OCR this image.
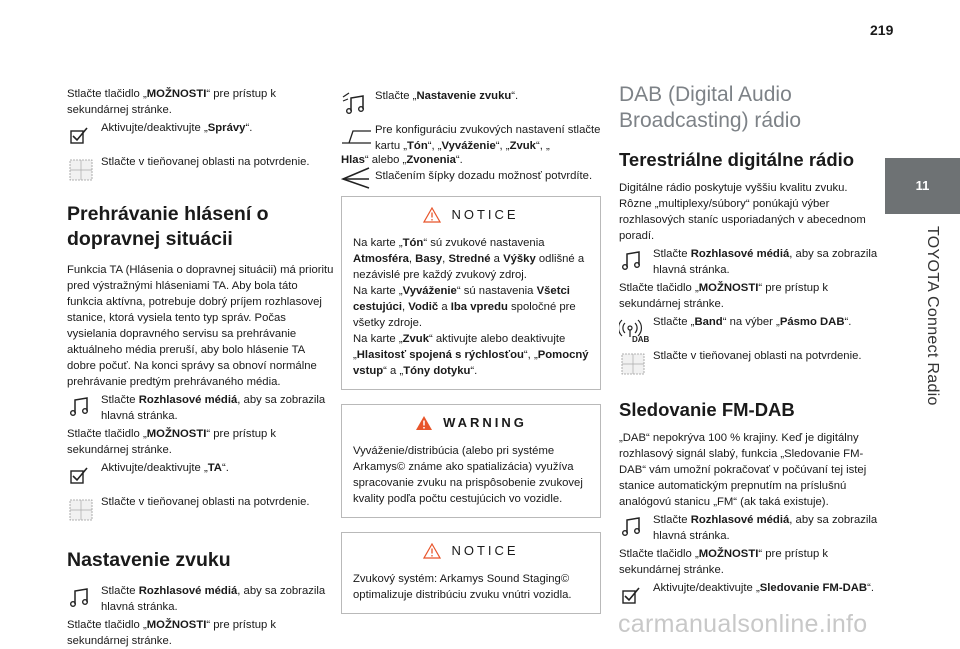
219
11
TOYOTA Connect Radio

Stlačte tlačidlo „MOŽNOSTI“ pre prístup k sekundárnej stránke.

Aktivujte/deaktivujte „Správy“.
Stlačte v tieňovanej oblasti na potvrdenie.
Prehrávanie hlásení o dopravnej situácii

Funkcia TA (Hlásenia o dopravnej situácii) má prioritu pred výstražnými hláseniami TA. Aby bola táto funkcia aktívna, potrebuje dobrý príjem rozhlasovej stanice, ktorá vysiela tento typ správ. Počas vysielania dopravného servisu sa prehrávanie aktuálneho média preruší, aby bolo hlásenie TA dobre počuť. Na konci správy sa obnoví normálne prehrávanie predtým prehrávaného média.

Stlačte Rozhlasové médiá, aby sa zobrazila hlavná stránka.

Stlačte tlačidlo „MOŽNOSTI“ pre prístup k sekundárnej stránke.

Aktivujte/deaktivujte „TA“.
Stlačte v tieňovanej oblasti na potvrdenie.
Nastavenie zvuku
Stlačte Rozhlasové médiá, aby sa zobrazila hlavná stránka.

Stlačte tlačidlo „MOŽNOSTI“ pre prístup k sekundárnej stránke.

Stlačte „Nastavenie zvuku“.
Pre konfiguráciu zvukových nastavení stlačte kartu „Tón“, „Vyváženie“, „Zvuk“, „

Hlas“ alebo „Zvonenia“.

Stlačením šípky dozadu možnosť potvrdíte.
NOTICE

Na karte „Tón“ sú zvukové nastavenia Atmosféra, Basy, Stredné a Výšky odlišné a nezávislé pre každý zvukový zdroj.
Na karte „Vyváženie“ sú nastavenia Všetci cestujúci, Vodič a Iba vpredu spoločné pre všetky zdroje.
Na karte „Zvuk“ aktivujte alebo deaktivujte „Hlasitosť spojená s rýchlosťou“, „Pomocný vstup“ a „Tóny dotyku“.

WARNING

Vyváženie/distribúcia (alebo pri systéme Arkamys© známe ako spatializácia) využíva spracovanie zvuku na prispôsobenie zvukovej kvality podľa počtu cestujúcich vo vozidle.

NOTICE

Zvukový systém: Arkamys Sound Staging© optimalizuje distribúciu zvuku vnútri vozidla.

DAB (Digital Audio Broadcasting) rádio
Terestriálne digitálne rádio

Digitálne rádio poskytuje vyššiu kvalitu zvuku. Rôzne „multiplexy/súbory“ ponúkajú výber rozhlasových staníc usporiadaných v abecednom poradí.

Stlačte Rozhlasové médiá, aby sa zobrazila hlavná stránka.

Stlačte tlačidlo „MOŽNOSTI“ pre prístup k sekundárnej stránke.

DAB
Stlačte „Band“ na výber „Pásmo DAB“.
Stlačte v tieňovanej oblasti na potvrdenie.
Sledovanie FM-DAB

„DAB“ nepokrýva 100 % krajiny. Keď je digitálny rozhlasový signál slabý, funkcia „Sledovanie FM-DAB“ vám umožní pokračovať v počúvaní tej istej stanice automatickým prepnutím na príslušnú analógovú stanicu „FM“ (ak taká existuje).

Stlačte Rozhlasové médiá, aby sa zobrazila hlavná stránka.

Stlačte tlačidlo „MOŽNOSTI“ pre prístup k sekundárnej stránke.

Aktivujte/deaktivujte „Sledovanie FM-DAB“.
carmanualsonline.info
